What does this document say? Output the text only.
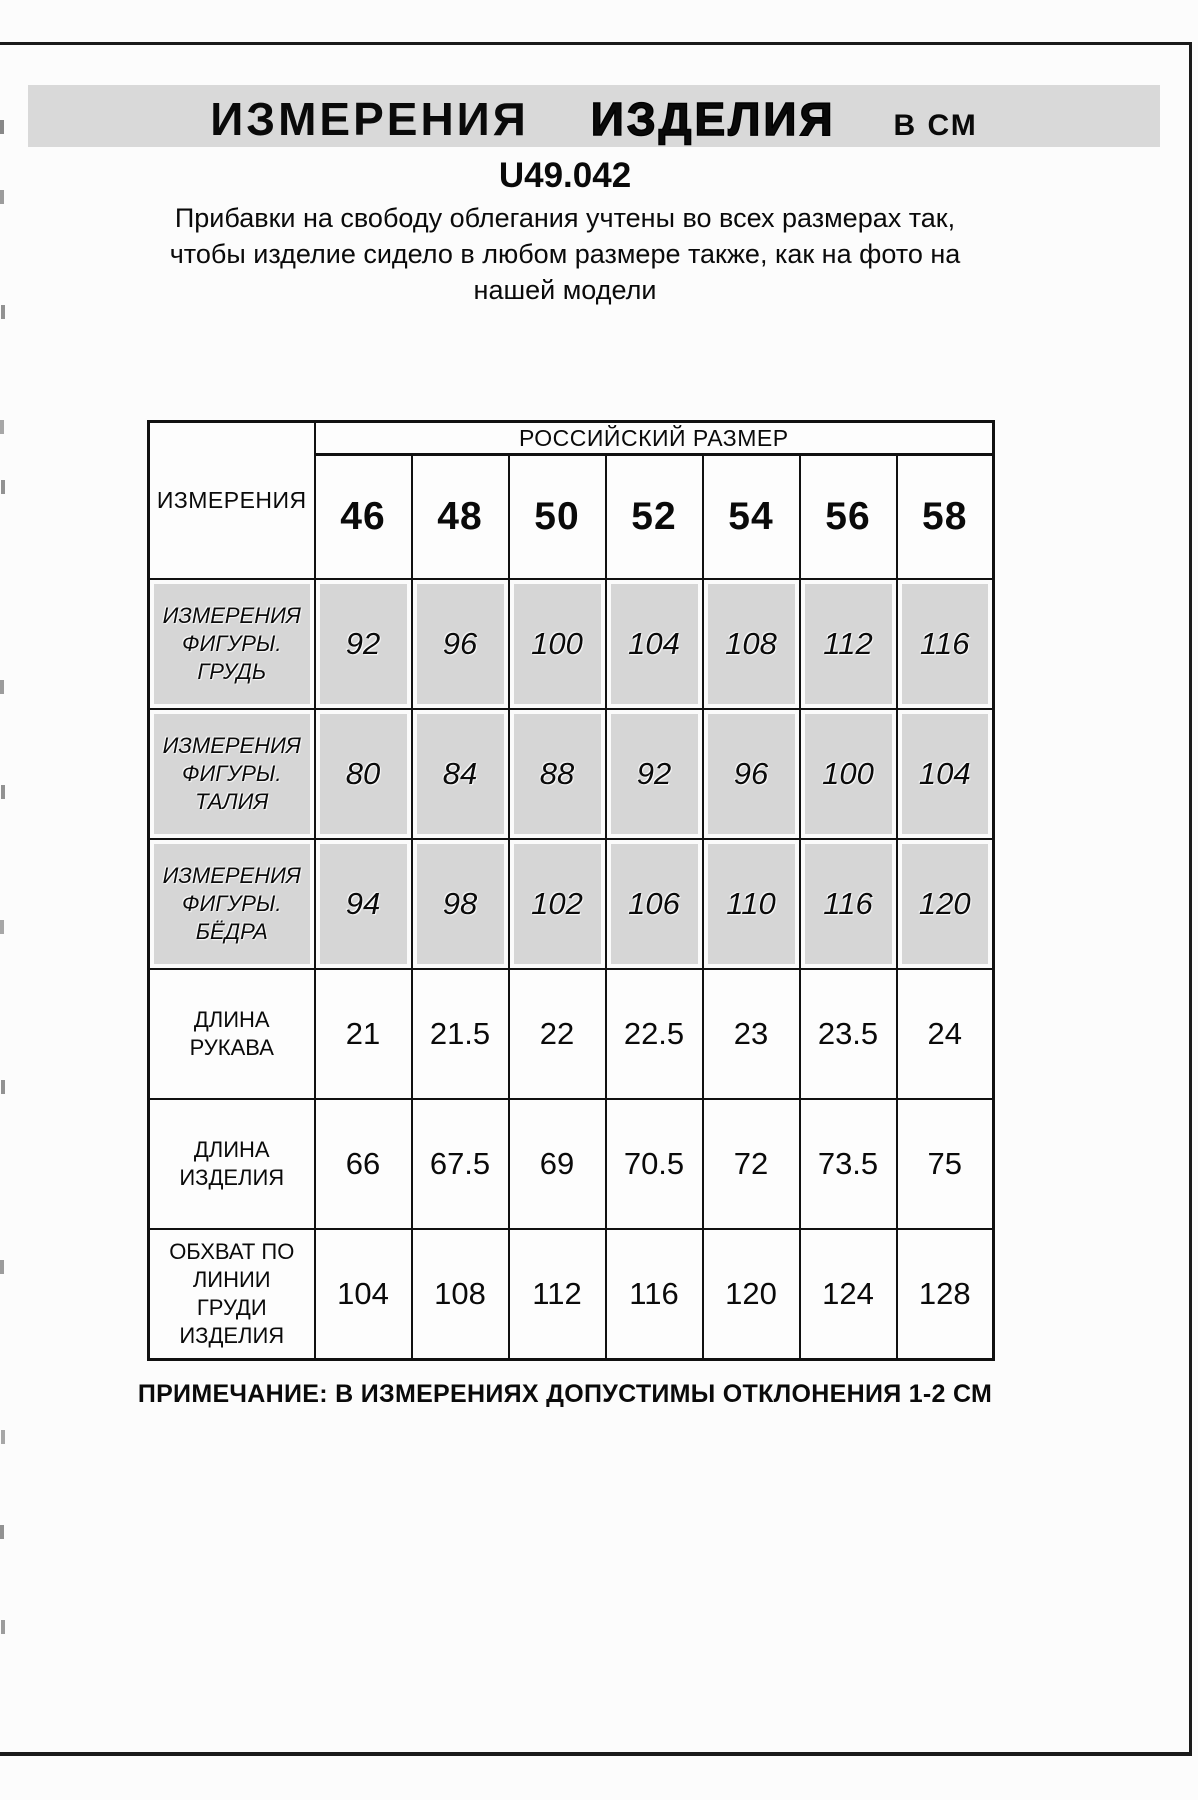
ИЗМЕРЕНИЯ ИЗДЕЛИЯ В СМ
U49.042
Прибавки на свободу облегания учтены во всех размерах так,
чтобы изделие сидело в любом размере также, как на фото на
нашей модели
ИЗМЕРЕНИЯ	РОССИЙСКИЙ РАЗМЕР						
	46	48	50	52	54	56	58
ИЗМЕРЕНИЯ ФИГУРЫ. ГРУДЬ	92	96	100	104	108	112	116
ИЗМЕРЕНИЯ ФИГУРЫ. ТАЛИЯ	80	84	88	92	96	100	104
ИЗМЕРЕНИЯ ФИГУРЫ. БЁДРА	94	98	102	106	110	116	120
ДЛИНА РУКАВА	21	21.5	22	22.5	23	23.5	24
ДЛИНА ИЗДЕЛИЯ	66	67.5	69	70.5	72	73.5	75
ОБХВАТ ПО ЛИНИИ ГРУДИ ИЗДЕЛИЯ	104	108	112	116	120	124	128
ПРИМЕЧАНИЕ: В ИЗМЕРЕНИЯХ ДОПУСТИМЫ ОТКЛОНЕНИЯ 1-2 СМ
